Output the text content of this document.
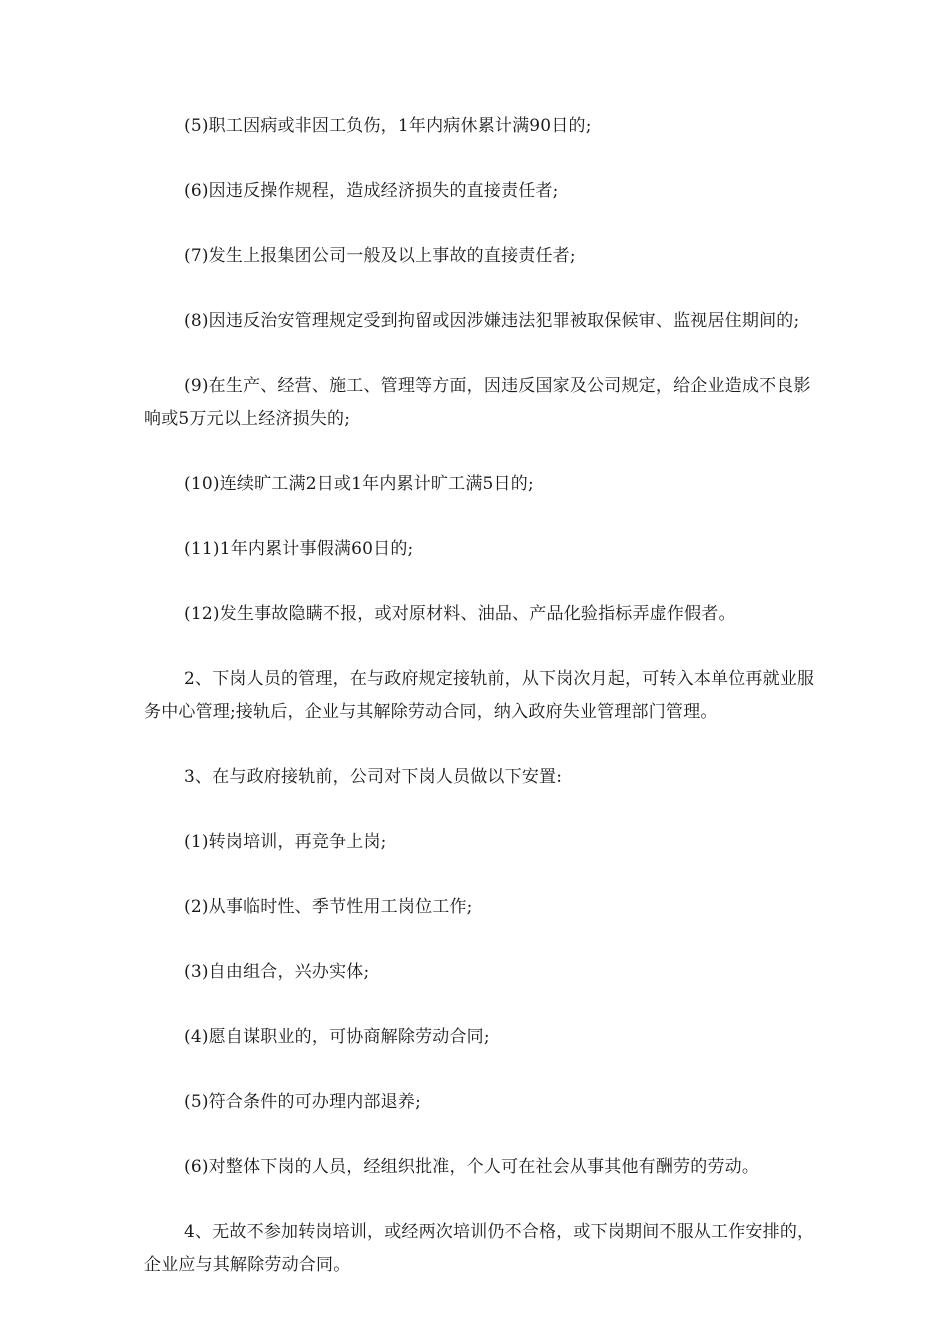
(5)职工因病或非因工负伤，1年内病休累计满90日的;

(6)因违反操作规程，造成经济损失的直接责任者;

(7)发生上报集团公司一般及以上事故的直接责任者;

(8)因违反治安管理规定受到拘留或因涉嫌违法犯罪被取保候审、监视居住期间的;

(9)在生产、经营、施工、管理等方面，因违反国家及公司规定，给企业造成不良影响或5万元以上经济损失的;

(10)连续旷工满2日或1年内累计旷工满5日的;

(11)1年内累计事假满60日的;

(12)发生事故隐瞒不报，或对原材料、油品、产品化验指标弄虚作假者。

2、下岗人员的管理，在与政府规定接轨前，从下岗次月起，可转入本单位再就业服务中心管理;接轨后，企业与其解除劳动合同，纳入政府失业管理部门管理。

3、在与政府接轨前，公司对下岗人员做以下安置:

(1)转岗培训，再竞争上岗;

(2)从事临时性、季节性用工岗位工作;

(3)自由组合，兴办实体;

(4)愿自谋职业的，可协商解除劳动合同;

(5)符合条件的可办理内部退养;

(6)对整体下岗的人员，经组织批准，个人可在社会从事其他有酬劳的劳动。

4、无故不参加转岗培训，或经两次培训仍不合格，或下岗期间不服从工作安排的，企业应与其解除劳动合同。
